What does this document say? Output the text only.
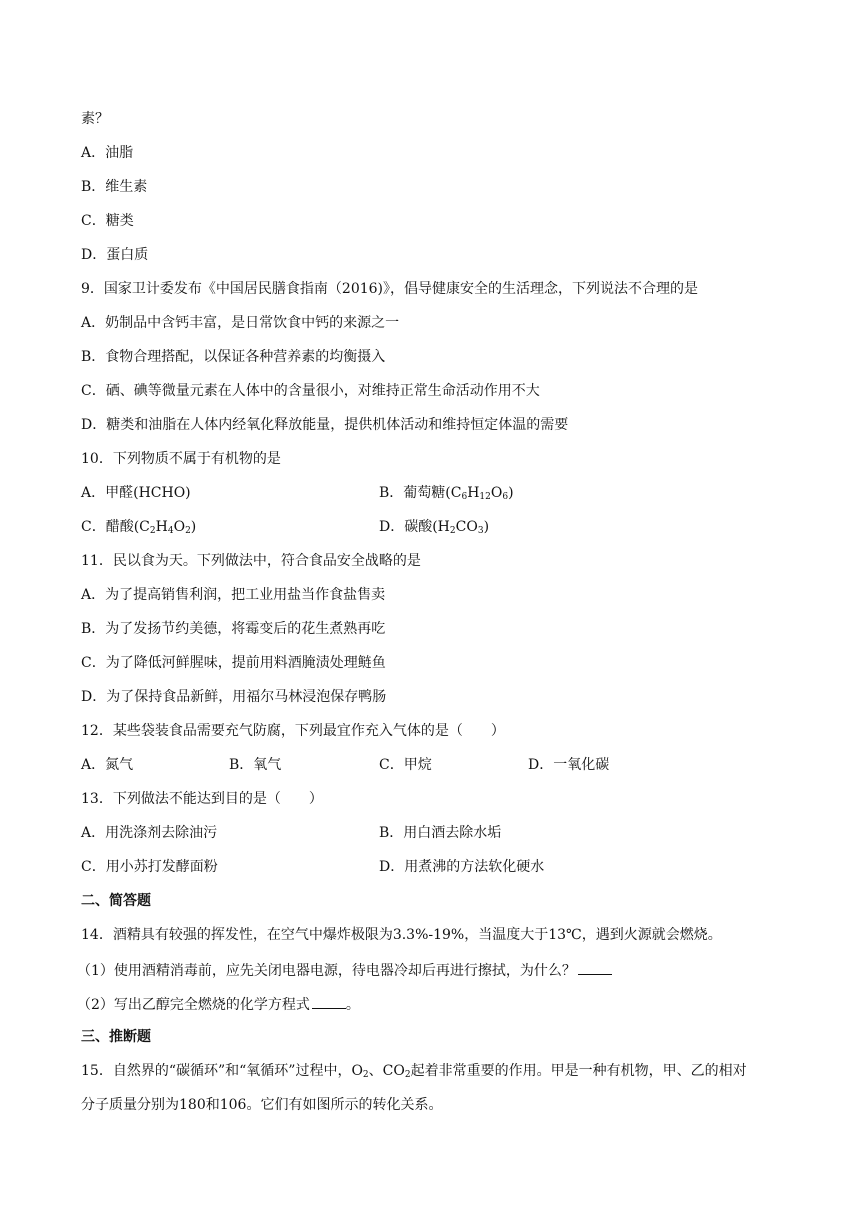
素？
A．油脂
B．维生素
C．糖类
D．蛋白质
9．国家卫计委发布《中国居民膳食指南（2016)》，倡导健康安全的生活理念，下列说法不合理的是
A．奶制品中含钙丰富，是日常饮食中钙的来源之一
B．食物合理搭配，以保证各种营养素的均衡摄入
C．硒、碘等微量元素在人体中的含量很小，对维持正常生命活动作用不大
D．糖类和油脂在人体内经氧化释放能量，提供机体活动和维持恒定体温的需要
10．下列物质不属于有机物的是
A．甲醛(HCHO)	B．葡萄糖$(C_6H_{12}O_6)$
C．醋酸$(C_2H_4O_2)$	D．碳酸$(H_2CO_3)$
11．民以食为天。下列做法中，符合食品安全战略的是
A．为了提高销售利润，把工业用盐当作食盐售卖
B．为了发扬节约美德，将霉变后的花生煮熟再吃
C．为了降低河鲜腥味，提前用料酒腌渍处理鲢鱼
D．为了保持食品新鲜，用福尔马林浸泡保存鸭肠
12．某些袋装食品需要充气防腐，下列最宜作充入气体的是（　　）
A．氮气	B．氧气	C．甲烷	D．一氧化碳
13．下列做法不能达到目的是（　　）
A．用洗涤剂去除油污	B．用白酒去除水垢
C．用小苏打发酵面粉	D．用煮沸的方法软化硬水
二、简答题
14．酒精具有较强的挥发性，在空气中爆炸极限为3.3%-19%，当温度大于13℃，遇到火源就会燃烧。
（1）使用酒精消毒前，应先关闭电器电源，待电器冷却后再进行擦拭，为什么？
（2）写出乙醇完全燃烧的化学方程式	。
三、推断题
15．自然界的“碳循环”和“氧循环”过程中，$O_2$、$CO_2$起着非常重要的作用。甲是一种有机物，甲、乙的相对
分子质量分别为180和106。它们有如图所示的转化关系。
